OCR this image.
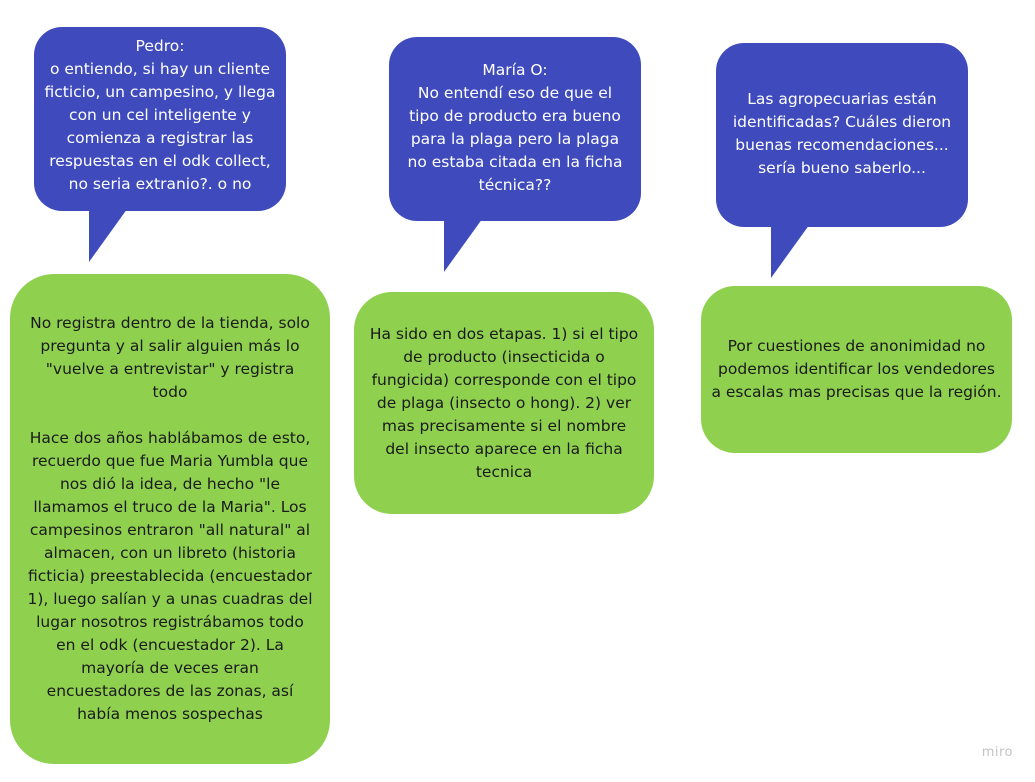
Pedro:
o entiendo, si hay un cliente
ficticio, un campesino, y llega
con un cel inteligente y
comienza a registrar las
respuestas en el odk collect,
no seria extranio?. o no
María O:
No entendí eso de que el
tipo de producto era bueno
para la plaga pero la plaga
no estaba citada en la ficha
técnica??
Las agropecuarias están
identificadas? Cuáles dieron
buenas recomendaciones...
sería bueno saberlo...
No registra dentro de la tienda, solo
pregunta y al salir alguien más lo
"vuelve a entrevistar" y registra
todo
Hace dos años hablábamos de esto,
recuerdo que fue Maria Yumbla que
nos dió la idea, de hecho "le
llamamos el truco de la Maria". Los
campesinos entraron "all natural" al
almacen, con un libreto (historia
ficticia) preestablecida (encuestador
1), luego salían y a unas cuadras del
lugar nosotros registrábamos todo
en el odk (encuestador 2). La
mayoría de veces eran
encuestadores de las zonas, así
había menos sospechas
Ha sido en dos etapas. 1) si el tipo
de producto (insecticida o
fungicida) corresponde con el tipo
de plaga (insecto o hong). 2) ver
mas precisamente si el nombre
del insecto aparece en la ficha
tecnica
Por cuestiones de anonimidad no
podemos identificar los vendedores
a escalas mas precisas que la región.
miro
